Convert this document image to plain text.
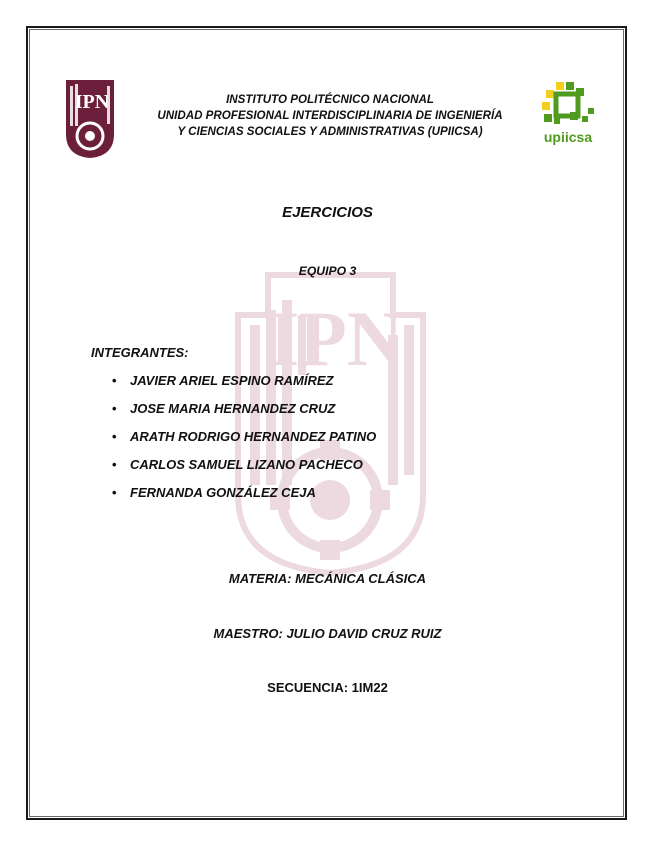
IPN
IPN
upiicsa
INSTITUTO POLITÉCNICO NACIONAL
UNIDAD PROFESIONAL INTERDISCIPLINARIA DE INGENIERÍA
Y CIENCIAS SOCIALES Y ADMINISTRATIVAS (UPIICSA)
EJERCICIOS
EQUIPO 3
INTEGRANTES:
• JAVIER ARIEL ESPINO RAMÍREZ
• JOSE MARIA HERNANDEZ CRUZ
• ARATH RODRIGO HERNANDEZ PATINO
• CARLOS SAMUEL LIZANO PACHECO
• FERNANDA GONZÁLEZ CEJA
MATERIA: MECÁNICA CLÁSICA
MAESTRO: JULIO DAVID CRUZ RUIZ
SECUENCIA: 1IM22
